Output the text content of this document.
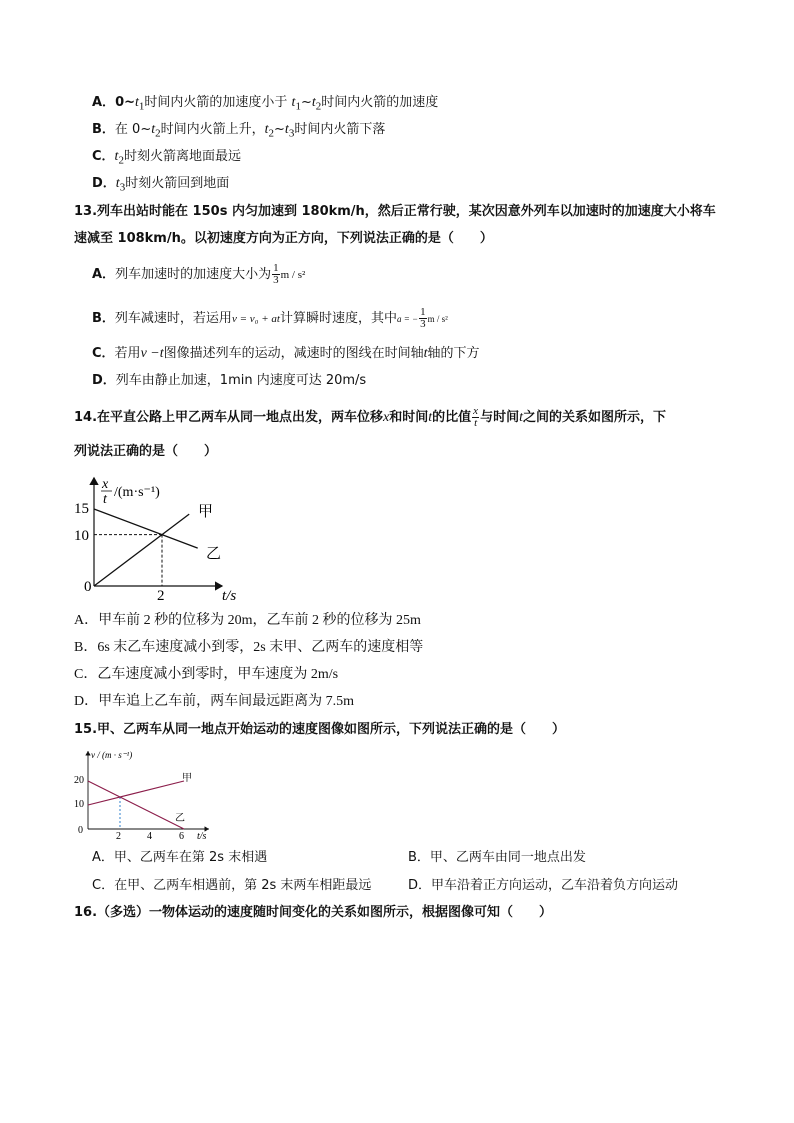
A．$0\sim t_1$时间内火箭的加速度小于 $t_1\sim t_2$时间内火箭的加速度
B．在 $0\sim t_2$时间内火箭上升，$t_2\sim t_3$时间内火箭下落
C．$t_2$时刻火箭离地面最远
D．$t_3$时刻火箭回到地面
13.列车出站时能在 150s 内匀加速到 180km/h，然后正常行驶，某次因意外列车以加速时的加速度大小将车
速减至 108km/h。以初速度方向为正方向，下列说法正确的是（　　）
A．列车加速时的加速度大小为 $\frac{1}{3}$ m / s²
B．列车减速时，若运用v = v₀ + at计算瞬时速度，其中a = − $\frac{1}{3}$ m / s²
C．若用v −t图像描述列车的运动，减速时的图线在时间轴t轴的下方
D．列车由静止加速，1min 内速度可达 20m/s
14.在平直公路上甲乙两车从同一地点出发，两车位移x和时间t的比值 $\frac{x}{t}$ 与时间t之间的关系如图所示，下
列说法正确的是（　　）
15
10
0
2	t/s
x
t /(m·s⁻¹)
甲
乙
A．甲车前 2 秒的位移为 20m，乙车前 2 秒的位移为 25m
B．6s 末乙车速度减小到零，2s 末甲、乙两车的速度相等
C．乙车速度减小到零时，甲车速度为 2m/s
D．甲车追上乙车前，两车间最远距离为 7.5m
15.甲、乙两车从同一地点开始运动的速度图像如图所示，下列说法正确的是（　　）
v / (m · s⁻¹)
20
10
0
2	4	6 t/s
甲
乙
A．甲、乙两车在第 2s 末相遇	B．甲、乙两车由同一地点出发
C．在甲、乙两车相遇前，第 2s 末两车相距最远	D．甲车沿着正方向运动，乙车沿着负方向运动
16.（多选）一物体运动的速度随时间变化的关系如图所示，根据图像可知（　　）
